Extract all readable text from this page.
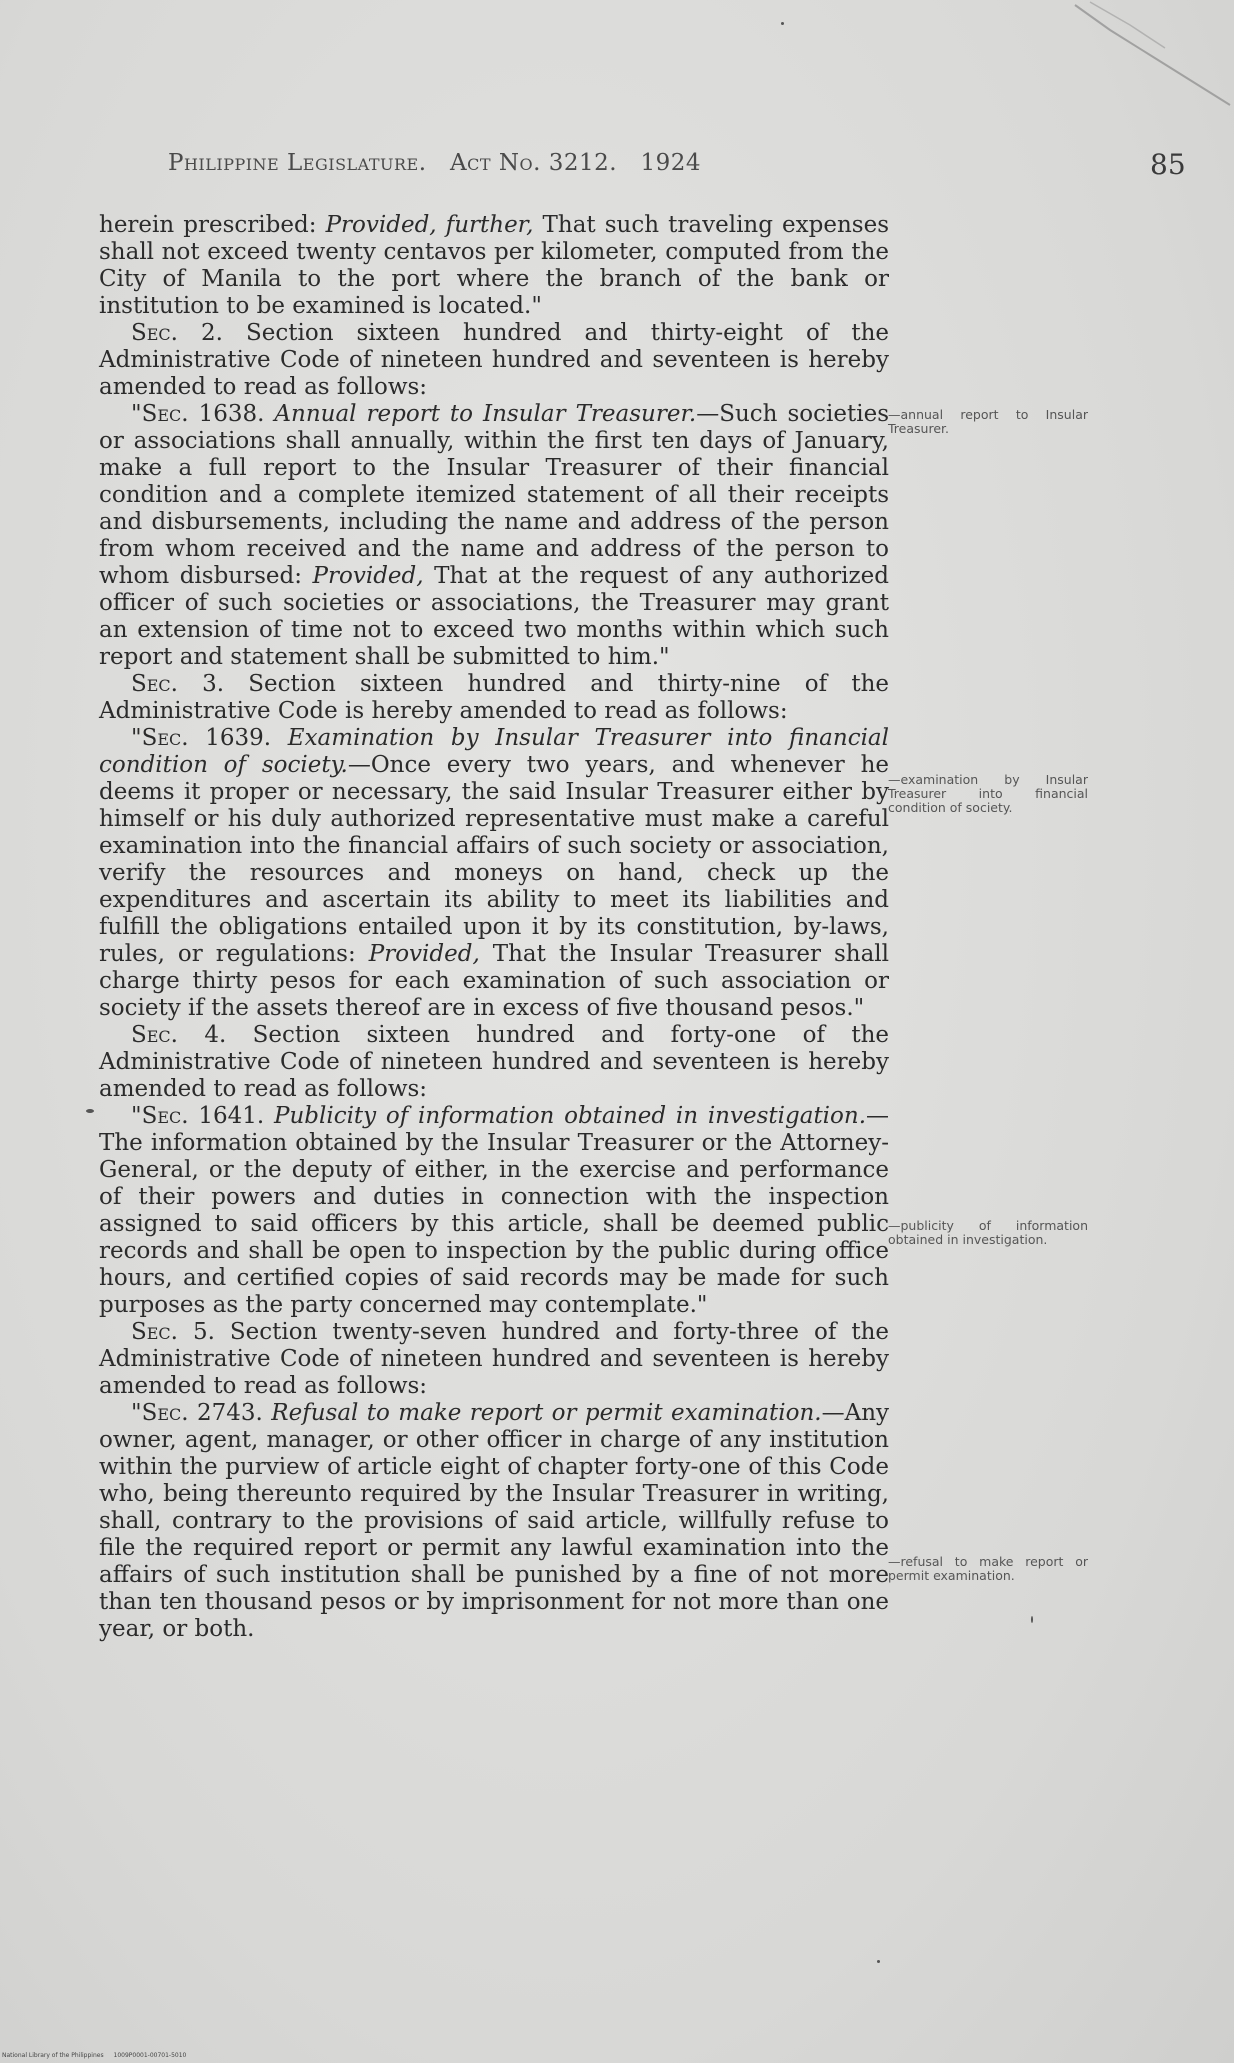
Philippine Legislature. Act No. 3212. 1924	85

herein prescribed: Provided, further, That such traveling expenses shall not exceed twenty centavos per kilometer, computed from the City of Manila to the port where the branch of the bank or institution to be examined is located."

Sec. 2. Section sixteen hundred and thirty-eight of the Administrative Code of nineteen hundred and seventeen is hereby amended to read as follows:

"Sec. 1638. Annual report to Insular Treasurer.—Such societies or associations shall annually, within the first ten days of January, make a full report to the Insular Treasurer of their financial condition and a complete itemized statement of all their receipts and disbursements, including the name and address of the person from whom received and the name and address of the person to whom disbursed: Provided, That at the request of any authorized officer of such societies or associations, the Treasurer may grant an extension of time not to exceed two months within which such report and statement shall be submitted to him."

Sec. 3. Section sixteen hundred and thirty-nine of the Administrative Code is hereby amended to read as follows:

"Sec. 1639. Examination by Insular Treasurer into financial condition of society.—Once every two years, and whenever he deems it proper or necessary, the said Insular Treasurer either by himself or his duly authorized representative must make a careful examination into the financial affairs of such society or association, verify the resources and moneys on hand, check up the expenditures and ascertain its ability to meet its liabilities and fulfill the obligations entailed upon it by its constitution, by-laws, rules, or regulations: Provided, That the Insular Treasurer shall charge thirty pesos for each examination of such association or society if the assets thereof are in excess of five thousand pesos."

Sec. 4. Section sixteen hundred and forty-one of the Administrative Code of nineteen hundred and seventeen is hereby amended to read as follows:

"Sec. 1641. Publicity of information obtained in investigation.—The information obtained by the Insular Treasurer or the Attorney-General, or the deputy of either, in the exercise and performance of their powers and duties in connection with the inspection assigned to said officers by this article, shall be deemed public records and shall be open to inspection by the public during office hours, and certified copies of said records may be made for such purposes as the party concerned may contemplate."

Sec. 5. Section twenty-seven hundred and forty-three of the Administrative Code of nineteen hundred and seventeen is hereby amended to read as follows:

"Sec. 2743. Refusal to make report or permit examination.—Any owner, agent, manager, or other officer in charge of any institution within the purview of article eight of chapter forty-one of this Code who, being thereunto required by the Insular Treasurer in writing, shall, contrary to the provisions of said article, willfully refuse to file the required report or permit any lawful examination into the affairs of such institution shall be punished by a fine of not more than ten thousand pesos or by imprisonment for not more than one year, or both.

—annual report to Insular Treasurer.
—examination by Insular Treasurer into financial condition of society.
—publicity of information obtained in investigation.
—refusal to make report or permit examination.
National Library of the Philippines 1009P0001-00701-5010
